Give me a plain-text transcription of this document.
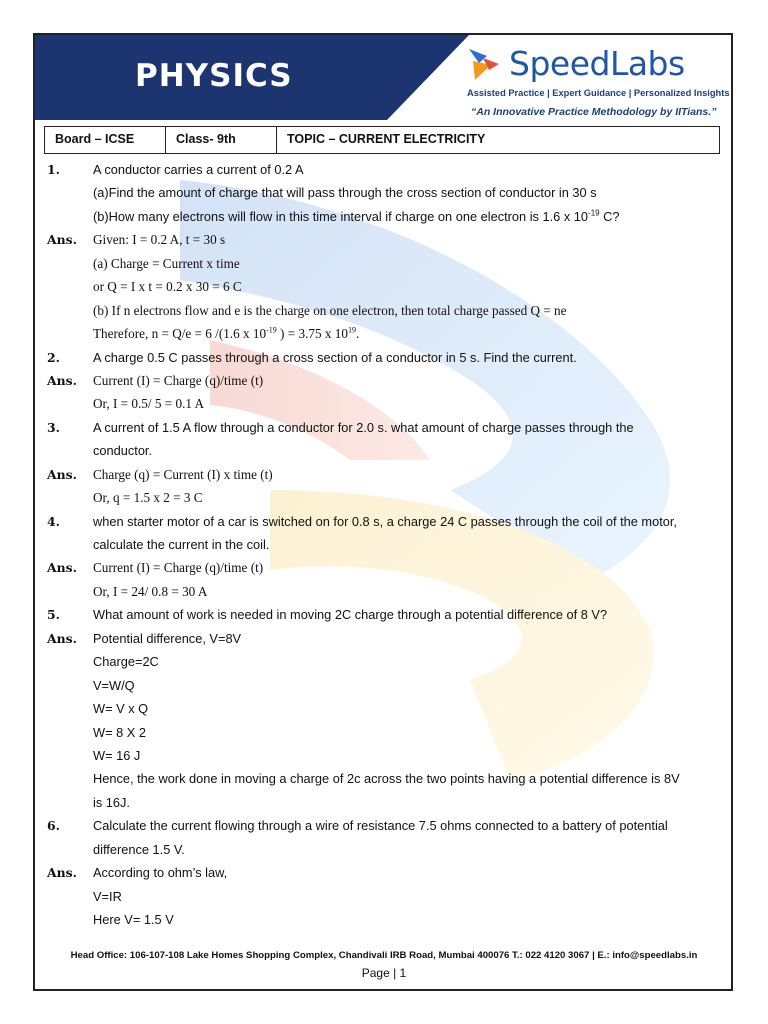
PHYSICS	SpeedLabs
Assisted Practice | Expert Guidance | Personalized Insights
“An Innovative Practice Methodology by IITians.”
Board – ICSE	Class- 9th	TOPIC – CURRENT ELECTRICITY
1.	A conductor carries a current of 0.2 A
(a)Find the amount of charge that will pass through the cross section of conductor in 30 s
(b)How many electrons will flow in this time interval if charge on one electron is 1.6 x $10^{-19}$ C?
Ans.	Given: I = 0.2 A, t = 30 s
(a) Charge = Current x time
or Q = I x t = 0.2 x 30 = 6 C
(b) If n electrons flow and e is the charge on one electron, then total charge passed Q = ne
Therefore, n = Q/e = 6 /(1.6 x $10^{-19}$ ) = 3.75 x $10^{19}$.
2.	A charge 0.5 C passes through a cross section of a conductor in 5 s. Find the current.
Ans.	Current (I) = Charge (q)/time (t)
Or, I = 0.5/ 5 = 0.1 A
3.	A current of 1.5 A flow through a conductor for 2.0 s. what amount of charge passes through the
conductor.
Ans.	Charge (q) = Current (I) x time (t)
Or, q = 1.5 x 2 = 3 C
4.	when starter motor of a car is switched on for 0.8 s, a charge 24 C passes through the coil of the motor,
calculate the current in the coil.
Ans.	Current (I) = Charge (q)/time (t)
Or, I = 24/ 0.8 = 30 A
5.	What amount of work is needed in moving 2C charge through a potential difference of 8 V?
Ans.	Potential difference, V=8V
Charge=2C
V=W/Q
W= V x Q
W= 8 X 2
W= 16 J
Hence, the work done in moving a charge of 2c across the two points having a potential difference is 8V
is 16J.
6.	Calculate the current flowing through a wire of resistance 7.5 ohms connected to a battery of potential
difference 1.5 V.
Ans.	According to ohm’s law,
V=IR
Here V= 1.5 V
Head Office: 106-107-108 Lake Homes Shopping Complex, Chandivali IRB Road, Mumbai 400076 T.: 022 4120 3067 | E.: info@speedlabs.in
Page | 1
